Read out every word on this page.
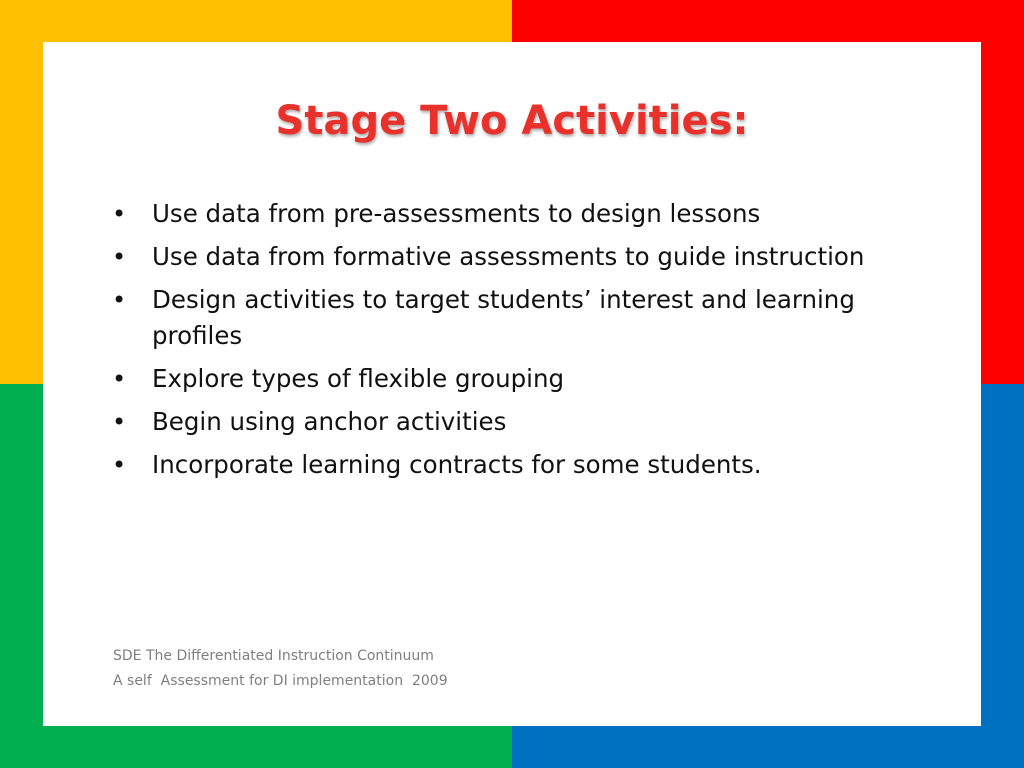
Stage Two Activities:
• Use data from pre-assessments to design lessons
• Use data from formative assessments to guide instruction
• Design activities to target students’ interest and learning profiles
• Explore types of flexible grouping
• Begin using anchor activities
• Incorporate learning contracts for some students.

SDE The Differentiated Instruction Continuum
A self  Assessment for DI implementation  2009
